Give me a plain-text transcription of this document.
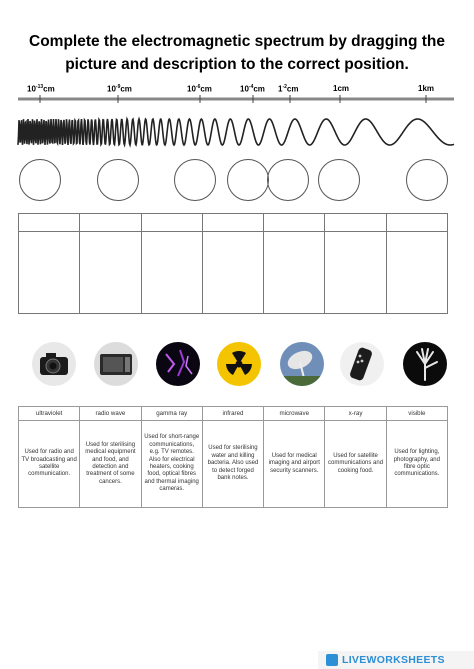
Complete the electromagnetic spectrum by dragging the
picture and description to the correct position.
$10^{-13}cm$	$10^{-9}cm$	$10^{-6}cm$	$10^{-4}cm$ $1^{-2}cm$	1cm	1km

ultraviolet	radio wave	gamma ray	infrared	microwave	x-ray	visible
Used for radio and TV broadcasting and satellite communication.	Used for sterilising medical equipment and food, and detection and treatment of some cancers.	Used for short-range communications, e.g. TV remotes. Also for electrical heaters, cooking food, optical fibres and thermal imaging cameras.	Used for sterilising water and killing bacteria. Also used to detect forged bank notes.	Used for medical imaging and airport security scanners.	Used for satellite communications and cooking food.	Used for lighting, photography, and fibre optic communications.
LIVEWORKSHEETS
